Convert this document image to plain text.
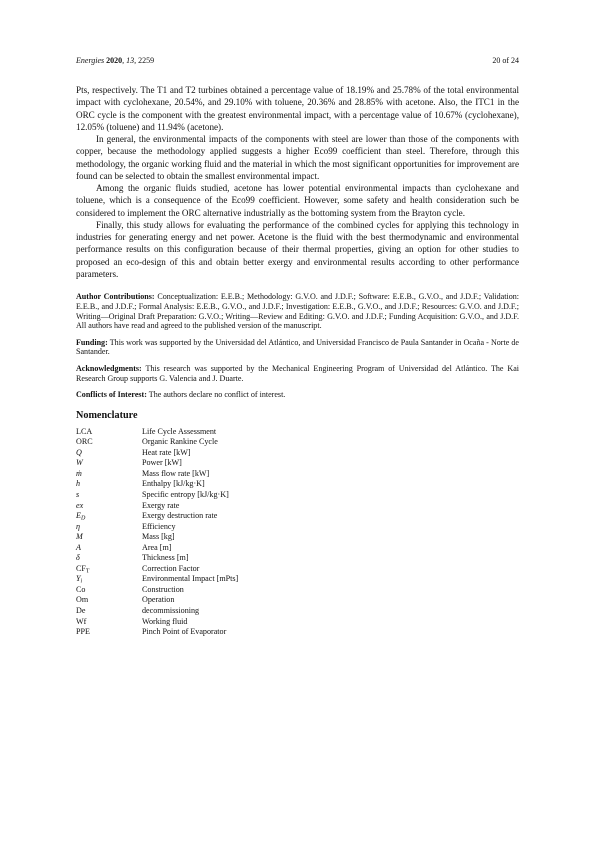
Energies 2020, 13, 2259	20 of 24

Pts, respectively. The T1 and T2 turbines obtained a percentage value of 18.19% and 25.78% of the total environmental impact with cyclohexane, 20.54%, and 29.10% with toluene, 20.36% and 28.85% with acetone. Also, the ITC1 in the ORC cycle is the component with the greatest environmental impact, with a percentage value of 10.67% (cyclohexane), 12.05% (toluene) and 11.94% (acetone).

In general, the environmental impacts of the components with steel are lower than those of the components with copper, because the methodology applied suggests a higher Eco99 coefficient than steel. Therefore, through this methodology, the organic working fluid and the material in which the most significant opportunities for improvement are found can be selected to obtain the smallest environmental impact.

Among the organic fluids studied, acetone has lower potential environmental impacts than cyclohexane and toluene, which is a consequence of the Eco99 coefficient. However, some safety and health consideration such be considered to implement the ORC alternative industrially as the bottoming system from the Brayton cycle.

Finally, this study allows for evaluating the performance of the combined cycles for applying this technology in industries for generating energy and net power. Acetone is the fluid with the best thermodynamic and environmental performance results on this configuration because of their thermal properties, giving an option for other studies to proposed an eco-design of this and obtain better exergy and environmental results according to other performance parameters.

Author Contributions: Conceptualization: E.E.B.; Methodology: G.V.O. and J.D.F.; Software: E.E.B., G.V.O., and J.D.F.; Validation: E.E.B., and J.D.F.; Formal Analysis: E.E.B., G.V.O., and J.D.F.; Investigation: E.E.B., G.V.O., and J.D.F.; Resources: G.V.O. and J.D.F.; Writing—Original Draft Preparation: G.V.O.; Writing—Review and Editing: G.V.O. and J.D.F.; Funding Acquisition: G.V.O., and J.D.F. All authors have read and agreed to the published version of the manuscript.

Funding: This work was supported by the Universidad del Atlántico, and Universidad Francisco de Paula Santander in Ocaña - Norte de Santander.

Acknowledgments: This research was supported by the Mechanical Engineering Program of Universidad del Atlántico. The Kai Research Group supports G. Valencia and J. Duarte.

Conflicts of Interest: The authors declare no conflict of interest.

Nomenclature
LCA	Life Cycle Assessment
ORC	Organic Rankine Cycle
Q	Heat rate [kW]
W	Power [kW]
ṁ	Mass flow rate [kW]
h	Enthalpy [kJ/kg·K]
s	Specific entropy [kJ/kg·K]
ex	Exergy rate
$E_D$	Exergy destruction rate
η	Efficiency
M	Mass [kg]
A	Area [m]
δ	Thickness [m]
$CF_T$	Correction Factor
$Y_i$	Environmental Impact [mPts]
Co	Construction
Om	Operation
De	decommissioning
Wf	Working fluid
PPE	Pinch Point of Evaporator
